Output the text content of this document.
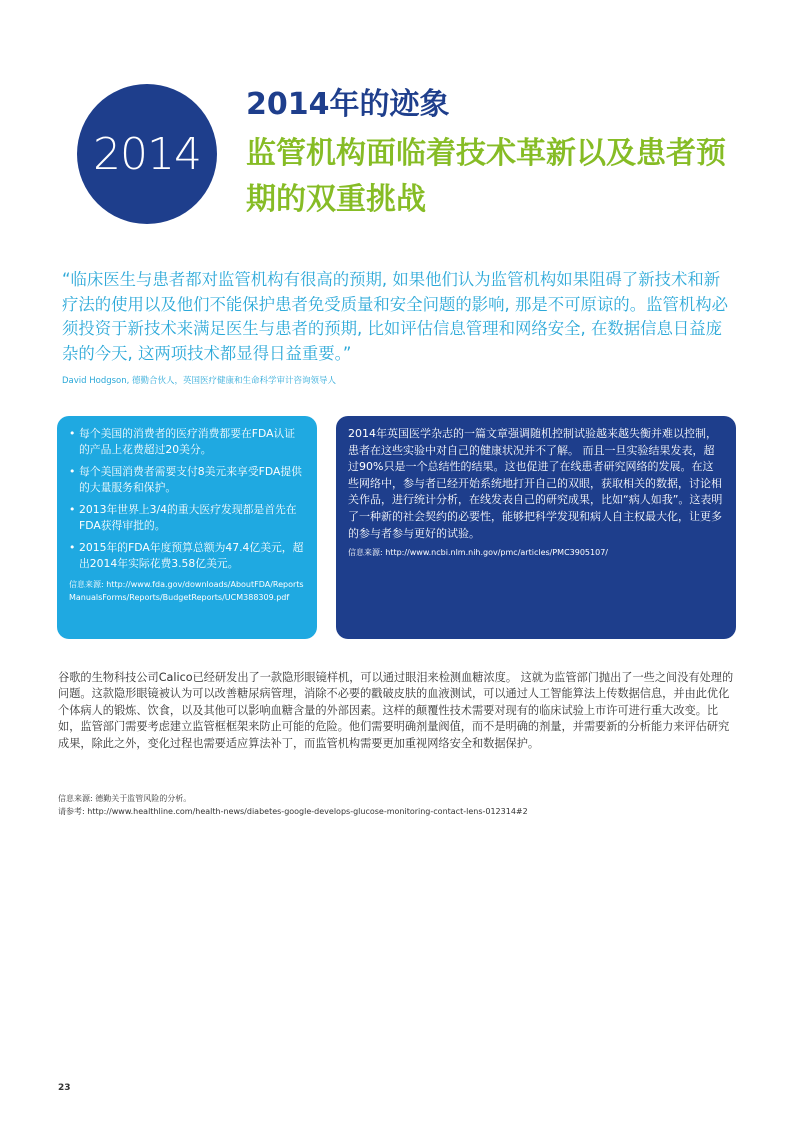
2014
2014年的迹象
监管机构面临着技术革新以及患者预期的双重挑战

“临床医生与患者都对监管机构有很高的预期, 如果他们认为监管机构如果阻碍了新技术和新疗法的使用以及他们不能保护患者免受质量和安全问题的影响, 那是不可原谅的。监管机构必须投资于新技术来满足医生与患者的预期, 比如评估信息管理和网络安全, 在数据信息日益庞杂的今天, 这两项技术都显得日益重要。”

David Hodgson, 德勤合伙人，英国医疗健康和生命科学审计咨询领导人

• 每个美国的消费者的医疗消费都要在FDA认证的产品上花费超过20美分。
• 每个美国消费者需要支付8美元来享受FDA提供的大量服务和保护。
• 2013年世界上3/4的重大医疗发现都是首先在FDA获得审批的。
• 2015年的FDA年度预算总额为47.4亿美元，超出2014年实际花费3.58亿美元。

信息来源: http://www.fda.gov/downloads/AboutFDA/ReportsManualsForms/Reports/BudgetReports/UCM388309.pdf

2014年英国医学杂志的一篇文章强调随机控制试验越来越失衡并难以控制，患者在这些实验中对自己的健康状况并不了解。 而且一旦实验结果发表，超过90%只是一个总结性的结果。这也促进了在线患者研究网络的发展。在这些网络中，参与者已经开始系统地打开自己的双眼，获取相关的数据，讨论相关作品，进行统计分析，在线发表自己的研究成果，比如“病人如我”。这表明了一种新的社会契约的必要性，能够把科学发现和病人自主权最大化，让更多的参与者参与更好的试验。

信息来源: http://www.ncbi.nlm.nih.gov/pmc/articles/PMC3905107/

谷歌的生物科技公司Calico已经研发出了一款隐形眼镜样机，可以通过眼泪来检测血糖浓度。 这就为监管部门抛出了一些之间没有处理的问题。这款隐形眼镜被认为可以改善糖尿病管理，消除不必要的戳破皮肤的血液测试，可以通过人工智能算法上传数据信息，并由此优化个体病人的锻炼、饮食，以及其他可以影响血糖含量的外部因素。这样的颠覆性技术需要对现有的临床试验上市许可进行重大改变。比如，监管部门需要考虑建立监管框框架来防止可能的危险。他们需要明确剂量阀值，而不是明确的剂量，并需要新的分析能力来评估研究成果，除此之外，变化过程也需要适应算法补丁，而监管机构需要更加重视网络安全和数据保护。

信息来源: 德勤关于监管风险的分析。

请参考: http://www.healthline.com/health-news/diabetes-google-develops-glucose-monitoring-contact-lens-012314#2

23
